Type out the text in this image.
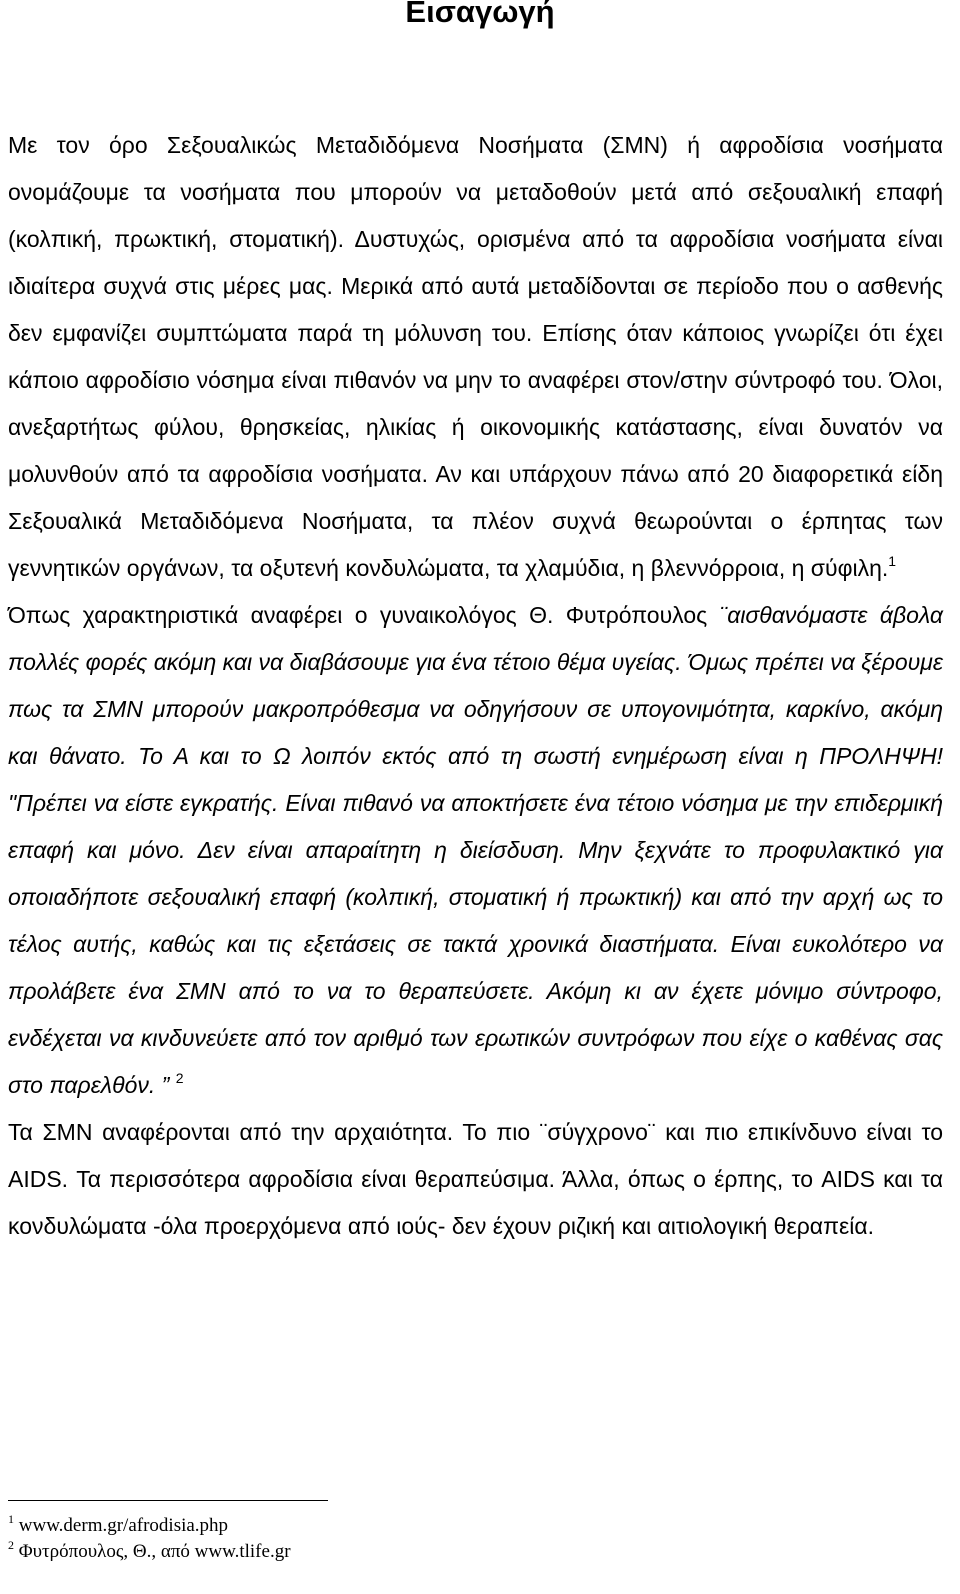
Εισαγωγή

Με τον όρο Σεξουαλικώς Μεταδιδόμενα Νοσήματα (ΣΜΝ) ή αφροδίσια νοσήματα ονομάζουμε τα νοσήματα που μπορούν να μεταδοθούν μετά από σεξουαλική επαφή (κολπική, πρωκτική, στοματική). Δυστυχώς, ορισμένα από τα αφροδίσια νοσήματα είναι ιδιαίτερα συχνά στις μέρες μας. Μερικά από αυτά μεταδίδονται σε περίοδο που ο ασθενής δεν εμφανίζει συμπτώματα παρά τη μόλυνση του. Επίσης όταν κάποιος γνωρίζει ότι έχει κάποιο αφροδίσιο νόσημα είναι πιθανόν να μην το αναφέρει στον/στην σύντροφό του. Όλοι, ανεξαρτήτως φύλου, θρησκείας, ηλικίας ή οικονομικής κατάστασης, είναι δυνατόν να μολυνθούν από τα αφροδίσια νοσήματα. Αν και υπάρχουν πάνω από 20 διαφορετικά είδη Σεξουαλικά Μεταδιδόμενα Νοσήματα, τα πλέον συχνά θεωρούνται ο έρπητας των γεννητικών οργάνων, τα οξυτενή κονδυλώματα, τα χλαμύδια, η βλεννόρροια, η σύφιλη.$^1$

Όπως χαρακτηριστικά αναφέρει ο γυναικολόγος Θ. Φυτρόπουλος ¨αισθανόμαστε άβολα πολλές φορές ακόμη και να διαβάσουμε για ένα τέτοιο θέμα υγείας. Όμως πρέπει να ξέρουμε πως τα ΣΜΝ μπορούν μακροπρόθεσμα να οδηγήσουν σε υπογονιμότητα, καρκίνο, ακόμη και θάνατο. Το Α και το Ω λοιπόν εκτός από τη σωστή ενημέρωση είναι η ΠΡΟΛΗΨΗ! "Πρέπει να είστε εγκρατής. Είναι πιθανό να αποκτήσετε ένα τέτοιο νόσημα με την επιδερμική επαφή και μόνο. Δεν είναι απαραίτητη η διείσδυση. Μην ξεχνάτε το προφυλακτικό για οποιαδήποτε σεξουαλική επαφή (κολπική, στοματική ή πρωκτική) και από την αρχή ως το τέλος αυτής, καθώς και τις εξετάσεις σε τακτά χρονικά διαστήματα. Είναι ευκολότερο να προλάβετε ένα ΣΜΝ από το να το θεραπεύσετε. Ακόμη κι αν έχετε μόνιμο σύντροφο, ενδέχεται να κινδυνεύετε από τον αριθμό των ερωτικών συντρόφων που είχε ο καθένας σας στο παρελθόν. ” $^2$

Τα ΣΜΝ αναφέρονται από την αρχαιότητα. Το πιο ¨σύγχρονο¨ και πιο επικίνδυνο είναι το AIDS. Τα περισσότερα αφροδίσια είναι θεραπεύσιμα. Άλλα, όπως ο έρπης, το AIDS και τα κονδυλώματα -όλα προερχόμενα από ιούς- δεν έχουν ριζική και αιτιολογική θεραπεία.

$^1$ www.derm.gr/afrodisia.php
$^2$ Φυτρόπουλος, Θ., από www.tlife.gr
